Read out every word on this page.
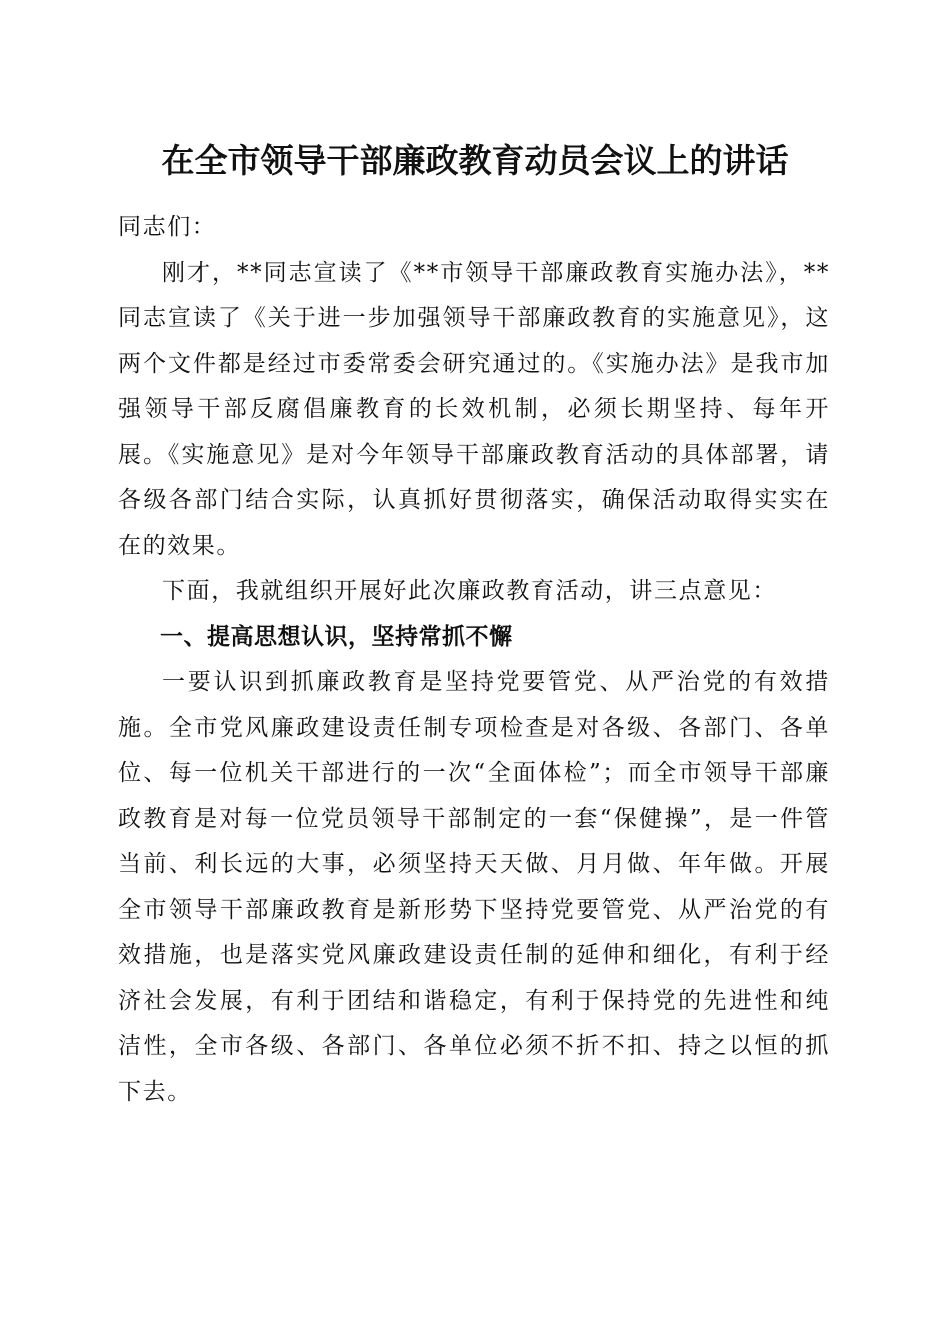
在全市领导干部廉政教育动员会议上的讲话

同志们：

刚才，**同志宣读了《**市领导干部廉政教育实施办法》，**同志宣读了《关于进一步加强领导干部廉政教育的实施意见》，这两个文件都是经过市委常委会研究通过的。《实施办法》是我市加强领导干部反腐倡廉教育的长效机制，必须长期坚持、每年开展。《实施意见》是对今年领导干部廉政教育活动的具体部署，请各级各部门结合实际，认真抓好贯彻落实，确保活动取得实实在在的效果。

下面，我就组织开展好此次廉政教育活动，讲三点意见：

一、提高思想认识，坚持常抓不懈

一要认识到抓廉政教育是坚持党要管党、从严治党的有效措施。全市党风廉政建设责任制专项检查是对各级、各部门、各单位、每一位机关干部进行的一次“全面体检”；而全市领导干部廉政教育是对每一位党员领导干部制定的一套“保健操”，是一件管当前、利长远的大事，必须坚持天天做、月月做、年年做。开展全市领导干部廉政教育是新形势下坚持党要管党、从严治党的有效措施，也是落实党风廉政建设责任制的延伸和细化，有利于经济社会发展，有利于团结和谐稳定，有利于保持党的先进性和纯洁性，全市各级、各部门、各单位必须不折不扣、持之以恒的抓下去。
